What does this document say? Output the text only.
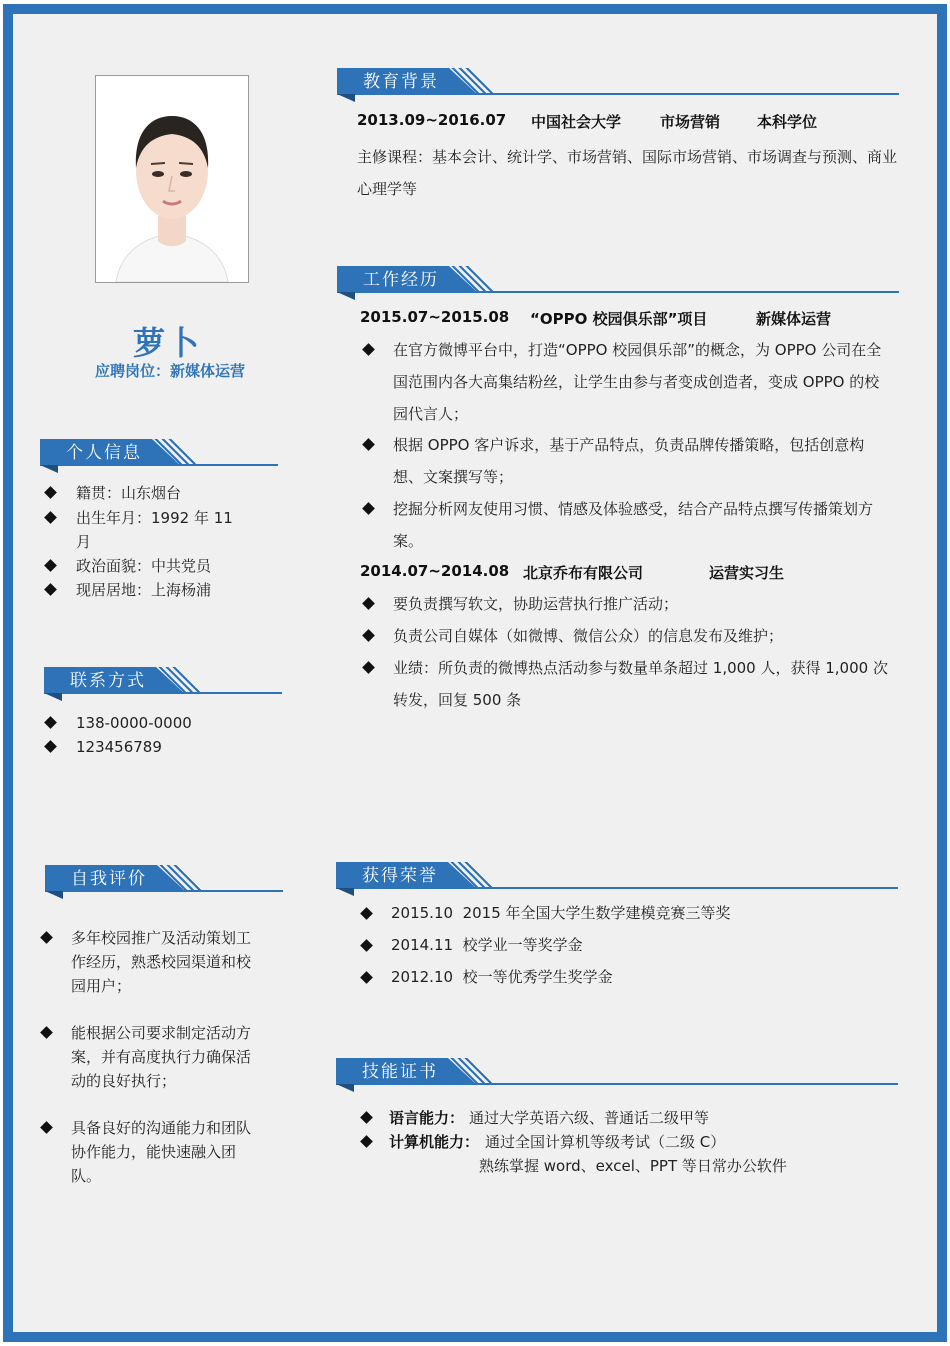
萝卜
应聘岗位：新媒体运营
个人信息
籍贯：山东烟台
出生年月：1992 年 11 月
政治面貌：中共党员
现居居地：上海杨浦
联系方式
138-0000-0000
123456789
自我评价
多年校园推广及活动策划工作经历，熟悉校园渠道和校园用户；
能根据公司要求制定活动方案，并有高度执行力确保活动的良好执行；
具备良好的沟通能力和团队协作能力，能快速融入团队。
教育背景
2013.09~2016.07 中国社会大学	市场营销 本科学位
主修课程：基本会计、统计学、市场营销、国际市场营销、市场调查与预测、商业心理学等
工作经历
2015.07~2015.08 “OPPO 校园俱乐部”项目	新媒体运营
在官方微博平台中，打造“OPPO 校园俱乐部”的概念，为 OPPO 公司在全国范围内各大高集结粉丝，让学生由参与者变成创造者，变成 OPPO 的校园代言人；
根据 OPPO 客户诉求，基于产品特点，负责品牌传播策略，包括创意构想、文案撰写等；
挖掘分析网友使用习惯、情感及体验感受，结合产品特点撰写传播策划方案。
2014.07~2014.08 北京乔布有限公司	运营实习生
要负责撰写软文，协助运营执行推广活动；
负责公司自媒体（如微博、微信公众）的信息发布及维护；
业绩：所负责的微博热点活动参与数量单条超过 1,000 人，获得 1,000 次转发，回复 500 条
获得荣誉
2015.10  2015 年全国大学生数学建模竞赛三等奖
2014.11  校学业一等奖学金
2012.10  校一等优秀学生奖学金
技能证书
语言能力： 通过大学英语六级、普通话二级甲等
计算机能力： 通过全国计算机等级考试（二级 C）
熟练掌握 word、excel、PPT 等日常办公软件
